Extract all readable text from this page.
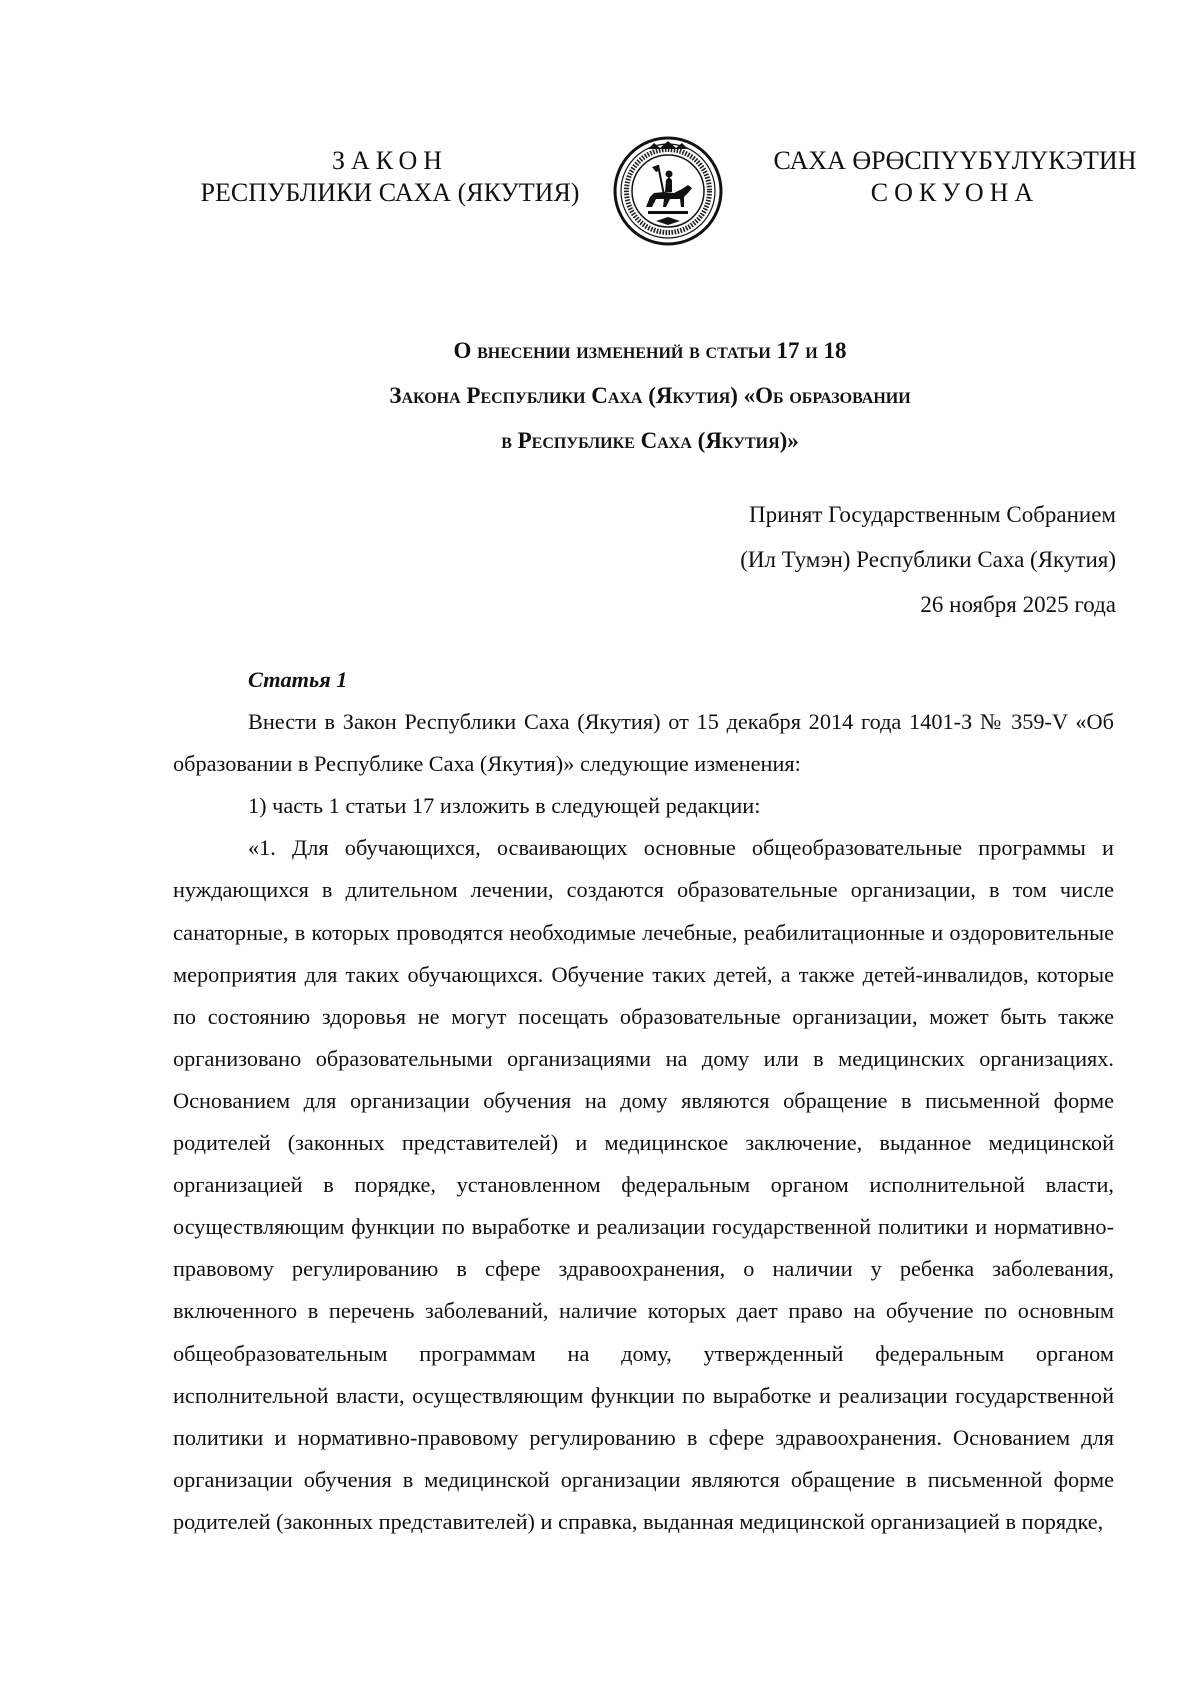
ЗАКОН
РЕСПУБЛИКИ САХА (ЯКУТИЯ)
САХА ӨРӨСПҮҮБҮЛҮКЭТИН
СОКУОНА
О внесении изменений в статьи 17 и 18
Закона Республики Саха (Якутия) «Об образовании
в Республике Саха (Якутия)»
Принят Государственным Собранием
(Ил Тумэн) Республики Саха (Якутия)
26 ноября 2025 года

Статья 1

Внести в Закон Республики Саха (Якутия) от 15 декабря 2014 года 1401-З № 359-V «Об образовании в Республике Саха (Якутия)» следующие изменения:

1) часть 1 статьи 17 изложить в следующей редакции:

«1. Для обучающихся, осваивающих основные общеобразовательные программы и нуждающихся в длительном лечении, создаются образовательные организации, в том числе санаторные, в которых проводятся необходимые лечебные, реабилитационные и оздоровительные мероприятия для таких обучающихся. Обучение таких детей, а также детей-инвалидов, которые по состоянию здоровья не могут посещать образовательные организации, может быть также организовано образовательными организациями на дому или в медицинских организациях. Основанием для организации обучения на дому являются обращение в письменной форме родителей (законных представителей) и медицинское заключение, выданное медицинской организацией в порядке, установленном федеральным органом исполнительной власти, осуществляющим функции по выработке и реализации государственной политики и нормативно-правовому регулированию в сфере здравоохранения, о наличии у ребенка заболевания, включенного в перечень заболеваний, наличие которых дает право на обучение по основным общеобразовательным программам на дому, утвержденный федеральным органом исполнительной власти, осуществляющим функции по выработке и реализации государственной политики и нормативно-правовому регулированию в сфере здравоохранения. Основанием для организации обучения в медицинской организации являются обращение в письменной форме родителей (законных представителей) и справка, выданная медицинской организацией в порядке,
